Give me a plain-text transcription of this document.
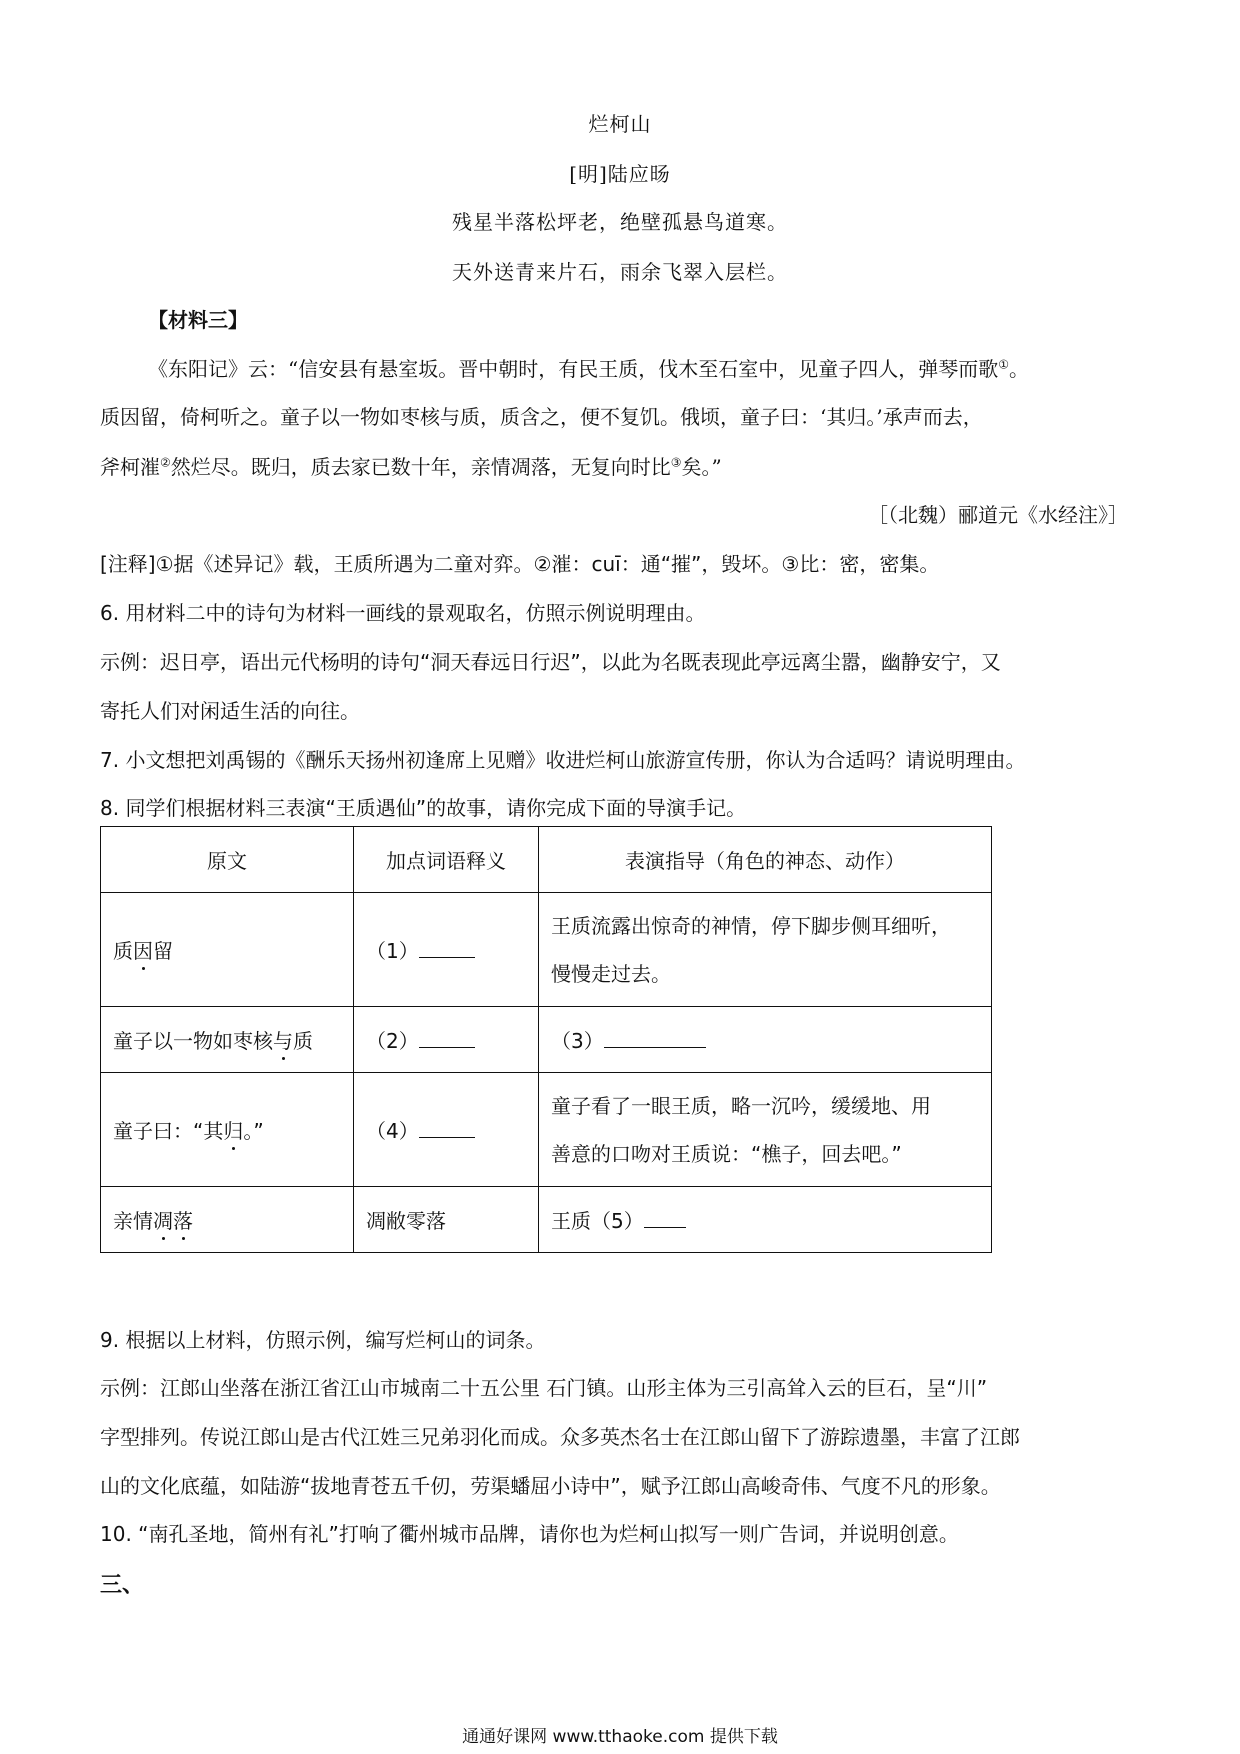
烂柯山
[明]陆应旸
残星半落松坪老，绝壁孤悬鸟道寒。
天外送青来片石，雨余飞翠入层栏。
【材料三】
《东阳记》云：“信安县有悬室坂。晋中朝时，有民王质，伐木至石室中，见童子四人，弹琴而歌①。
质因留，倚柯听之。童子以一物如枣核与质，质含之，便不复饥。俄顷，童子曰：‘其归。’承声而去，
斧柯漼②然烂尽。既归，质去家已数十年，亲情凋落，无复向时比③矣。”
［（北魏）郦道元《水经注》］
[注释]①据《述异记》载，王质所遇为二童对弈。②漼：cuī：通“摧”，毁坏。③比：密，密集。
6. 用材料二中的诗句为材料一画线的景观取名，仿照示例说明理由。
示例：迟日亭，语出元代杨明的诗句“洞天春远日行迟”，以此为名既表现此亭远离尘嚣，幽静安宁，又
寄托人们对闲适生活的向往。
7. 小文想把刘禹锡的《酬乐天扬州初逢席上见赠》收进烂柯山旅游宣传册，你认为合适吗？请说明理由。
8. 同学们根据材料三表演“王质遇仙”的故事，请你完成下面的导演手记。
原文	加点词语释义	表演指导（角色的神态、动作）
质因留	（1）	王质流露出惊奇的神情，停下脚步侧耳细听，
慢慢走过去。

童子以一物如枣核与质	（2）	（3）
童子曰：“其归。”	（4）	童子看了一眼王质，略一沉吟，缓缓地、用
善意的口吻对王质说：“樵子，回去吧。”

亲情凋落	凋敝零落	王质（5）
9. 根据以上材料，仿照示例，编写烂柯山的词条。
示例：江郎山坐落在浙江省江山市城南二十五公里 石门镇。山形主体为三引高耸入云的巨石，呈“川”
字型排列。传说江郎山是古代江姓三兄弟羽化而成。众多英杰名士在江郎山留下了游踪遗墨，丰富了江郎
山的文化底蕴，如陆游“拔地青苍五千仞，劳渠蟠屈小诗中”，赋予江郎山高峻奇伟、气度不凡的形象。
10. “南孔圣地，简州有礼”打响了衢州城市品牌，请你也为烂柯山拟写一则广告词，并说明创意。
三、
通通好课网 www.tthaoke.com 提供下载
